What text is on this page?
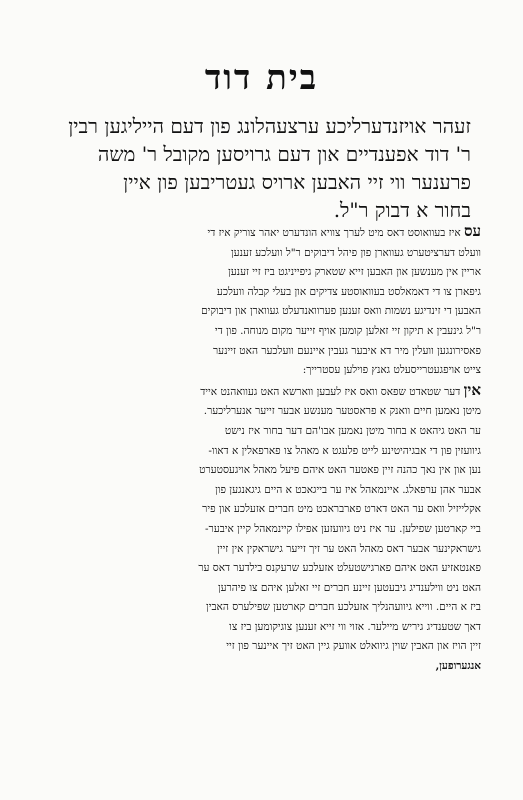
בית דוד
זעהר אויזנדערליכע ערצעהלונג פון דעם הייליגען רבין
ר' דוד אפענדיים און דעם גרויסען מקובל ר' משה
פרענער ווי זיי האבען ארויס געטריבען פון איין
בחור א דבוק ר"ל.

עס איז בעוואוסט דאס מיט לערך צוויא הונדערט יאהר צוריק איז די
וועלט דערציטערט געווארן פון פיהל דיבוקים ר"ל וועלכע זענען
אריין אין מענשען און האבען זייא שטארק גיפייניגט ביז זיי זענען
גיפארן צו די דאמאלסט בעוואוסטע צדיקים און בעלי קבלה וועלכע
האבען די זינדיגע נשמות וואס זענען פערוואנדעלט געווארן און דיבוקים
ר"ל גינעבין א תיקון זיי זאלען קומען אויף זייער מקום מנוחה. פון די
פאסירונגען וועלין מיר דא איבער געבין איינעם וועלכער האט זיינער
צייט אויפגעטרייסעלט גאנץ פוילען עסטרייך:

אין דער שטאדט שפאס וואס איז לעבען ווארשא האט געוואהנט אייד
מיטן נאמען חיים וואנק א פראסטער מענשע אבער זייער אנערליכער.
ער האט גיהאט א בחור מיטן נאמען אבו'הם דער בחור איז נישט
גיוועזין פון די אבגיהיטינע לייט פלעגט א מאהל צו פארפאלין א דאוו-
נען און אין נאך כהנה זיין פאטער האט איהם פיעל מאהל אויגעסטערט
אבער אהן ערפאלג. איינמאהל איז ער בייגאכט א היים גיגאנגען פון
אקלייזיל וואס ער האט דארט פארבראכט מיט חברים אזעלכע און פיר
ביי קארטען שפילען. ער איז ניט גיוועזען אפילו קיינמאהל קיין איבער-
גישראקינער אבער דאס מאהל האט ער זיך זייער גישראקין אין זיין
פאנטאזיע האט איהם פארגישטעלט אזעלכע שרעקנס בילדער דאס ער
האט ניט ווילענדיג גיבעטען זיינע חברים זיי זאלען איהם צו פיהרען
ביז א היים. ווייא גיוועהנליך אזעלכע חברים קארטען שפילערס האבין
דאך שטענדיג גיריש מיילער. אזוי ווי זייא זענען צוגיקומען ביז צו
זיין הויז און האבין שוין גיוואלט אוועק גיין האט זיך איינער פון זיי
אנגערופען,
